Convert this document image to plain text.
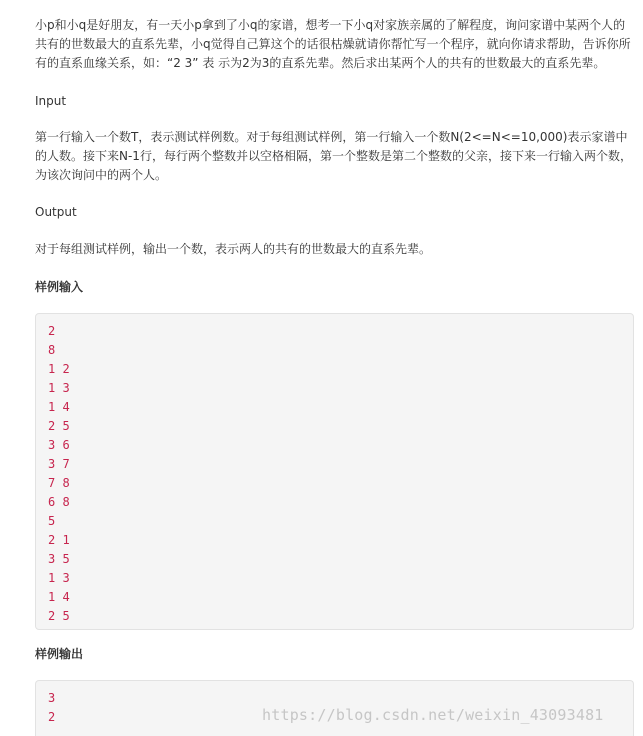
小p和小q是好朋友，有一天小p拿到了小q的家谱，想考一下小q对家族亲属的了解程度，询问家谱中某两个人的共有的世数最大的直系先辈，小q觉得自己算这个的话很枯燥就请你帮忙写一个程序，就向你请求帮助，告诉你所有的直系血缘关系，如：“2 3” 表 示为2为3的直系先辈。然后求出某两个人的共有的世数最大的直系先辈。

Input

第一行输入一个数T，表示测试样例数。对于每组测试样例，第一行输入一个数N(2<=N<=10,000)表示家谱中的人数。接下来N-1行，每行两个整数并以空格相隔，第一个整数是第二个整数的父亲，接下来一行输入两个数，为该次询问中的两个人。

Output

对于每组测试样例，输出一个数，表示两人的共有的世数最大的直系先辈。

样例输入

2
8
1 2
1 3
1 4
2 5
3 6
3 7
7 8
6 8
5
2 1
3 5
1 3
1 4
2 5

样例输出

3
2	https://blog.csdn.net/weixin_43093481
